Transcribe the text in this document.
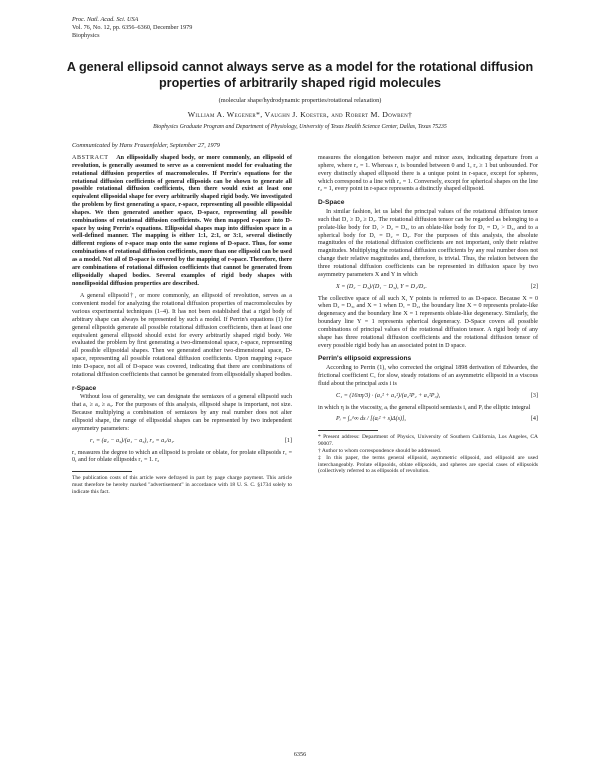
Proc. Natl. Acad. Sci. USA
Vol. 76, No. 12, pp. 6356–6360, December 1979
Biophysics
A general ellipsoid cannot always serve as a model for the rotational diffusion properties of arbitrarily shaped rigid molecules
(molecular shape/hydrodynamic properties/rotational relaxation)
William A. Wegener*, Vaughn J. Koester, and Robert M. Dowben†
Biophysics Graduate Program and Department of Physiology, University of Texas Health Science Center, Dallas, Texas 75235
Communicated by Hans Frauenfelder, September 27, 1979

ABSTRACT An ellipsoidally shaped body, or more commonly, an ellipsoid of revolution, is generally assumed to serve as a convenient model for evaluating the rotational diffusion properties of macromolecules. If Perrin's equations for the rotational diffusion coefficients of general ellipsoids can be shown to generate all possible rotational diffusion coefficients, then there would exist at least one equivalent ellipsoidal shape for every arbitrarily shaped rigid body. We investigated the problem by first generating a space, r-space, representing all possible ellipsoidal shapes. We then generated another space, D-space, representing all possible combinations of rotational diffusion coefficients. We then mapped r-space into D-space by using Perrin's equations. Ellipsoidal shapes map into diffusion space in a well-defined manner. The mapping is either 1:1, 2:1, or 3:1, several distinctly different regions of r-space map onto the same regions of D-space. Thus, for some combinations of rotational diffusion coefficients, more than one ellipsoid can be used as a model. Not all of D-space is covered by the mapping of r-space. Therefore, there are combinations of rotational diffusion coefficients that cannot be generated from ellipsoidally shaped bodies. Several examples of rigid body shapes with nonellipsoidal diffusion properties are described.

A general ellipsoid†, or more commonly, an ellipsoid of revolution, serves as a convenient model for analyzing the rotational diffusion properties of macromolecules by various experimental techniques (1–4). It has not been established that a rigid body of arbitrary shape can always be represented by such a model. If Perrin's equations (1) for general ellipsoids generate all possible rotational diffusion coefficients, then at least one equivalent general ellipsoid should exist for every arbitrarily shaped rigid body. We evaluated the problem by first generating a two-dimensional space, r-space, representing all possible ellipsoidal shapes. Then we generated another two-dimensional space, D-space, representing all possible rotational diffusion coefficients. Upon mapping r-space into D-space, not all of D-space was covered, indicating that there are combinations of rotational diffusion coefficients that cannot be generated from ellipsoidally shaped bodies.

r-Space

Without loss of generality, we can designate the semiaxes of a general ellipsoid such that a₁ ≥ a₂ ≥ a₃. For the purposes of this analysis, ellipsoid shape is important, not size. Because multiplying a combination of semiaxes by any real number does not alter ellipsoid shape, the range of ellipsoidal shapes can be represented by two independent asymmetry parameters:

r₁ = (a₂ − a₃)/(a₁ − a₃), r₂ = a₃/a₁.	[1]

r₁ measures the degree to which an ellipsoid is prolate or oblate, for prolate ellipsoids r₁ = 0, and for oblate ellipsoids r₁ = 1. r₂

The publication costs of this article were defrayed in part by page charge payment. This article must therefore be hereby marked "advertisement" in accordance with 18 U. S. C. §1734 solely to indicate this fact.

measures the elongation between major and minor axes, indicating departure from a sphere, where r₂ = 1. Whereas r₁ is bounded between 0 and 1, r₂ ≥ 1 but unbounded. For every distinctly shaped ellipsoid there is a unique point in r-space, except for spheres, which correspond to a line with r₂ = 1. Conversely, except for spherical shapes on the line r₂ = 1, every point in r-space represents a distinctly shaped ellipsoid.

D-Space

In similar fashion, let us label the principal values of the rotational diffusion tensor such that D₁ ≥ D₂ ≥ D₃. The rotational diffusion tensor can be regarded as belonging to a prolate-like body for D₁ > D₂ = D₃, to an oblate-like body for D₁ = D₂ > D₃, and to a spherical body for D₁ = D₂ = D₃. For the purposes of this analysis, the absolute magnitudes of the rotational diffusion coefficients are not important, only their relative magnitudes. Multiplying the rotational diffusion coefficients by any real number does not change their relative magnitudes and, therefore, is trivial. Thus, the relation between the three rotational diffusion coefficients can be represented in diffusion space by two asymmetry parameters X and Y in which

X = (D₂ − D₃)/(D₁ − D₃), Y = D₁/D₃.	[2]

The collective space of all such X, Y points is referred to as D-space. Because X = 0 when D₂ = D₃, and X = 1 when D₁ = D₂, the boundary line X = 0 represents prolate-like degeneracy and the boundary line X = 1 represents oblate-like degeneracy. Similarly, the boundary line Y = 1 represents spherical degeneracy. D-Space covers all possible combinations of principal values of the rotational diffusion tensor. A rigid body of any shape has three rotational diffusion coefficients and the rotational diffusion tensor of every possible rigid body has an associated point in D space.

Perrin's ellipsoid expressions

According to Perrin (1), who corrected the original 1898 derivation of Edwardes, the frictional coefficient C₁ for slow, steady rotations of an asymmetric ellipsoid in a viscous fluid about the principal axis i is

C₁ = (16πη/3) · (a₂² + a₃²)/(a₂²P₂ + a₃²P₃),	[3]

in which η is the viscosity, aᵢ the general ellipsoid semiaxis i, and Pᵢ the elliptic integral

Pᵢ = ∫₀^∞ ds / [(aᵢ² + s)Δ(s)],	[4]

* Present address: Department of Physics, University of Southern California, Los Angeles, CA 90007.

† Author to whom correspondence should be addressed.

‡ In this paper, the terms general ellipsoid, asymmetric ellipsoid, and ellipsoid are used interchangeably. Prolate ellipsoids, oblate ellipsoids, and spheres are special cases of ellipsoids (collectively referred to as ellipsoids of revolution.

6356
